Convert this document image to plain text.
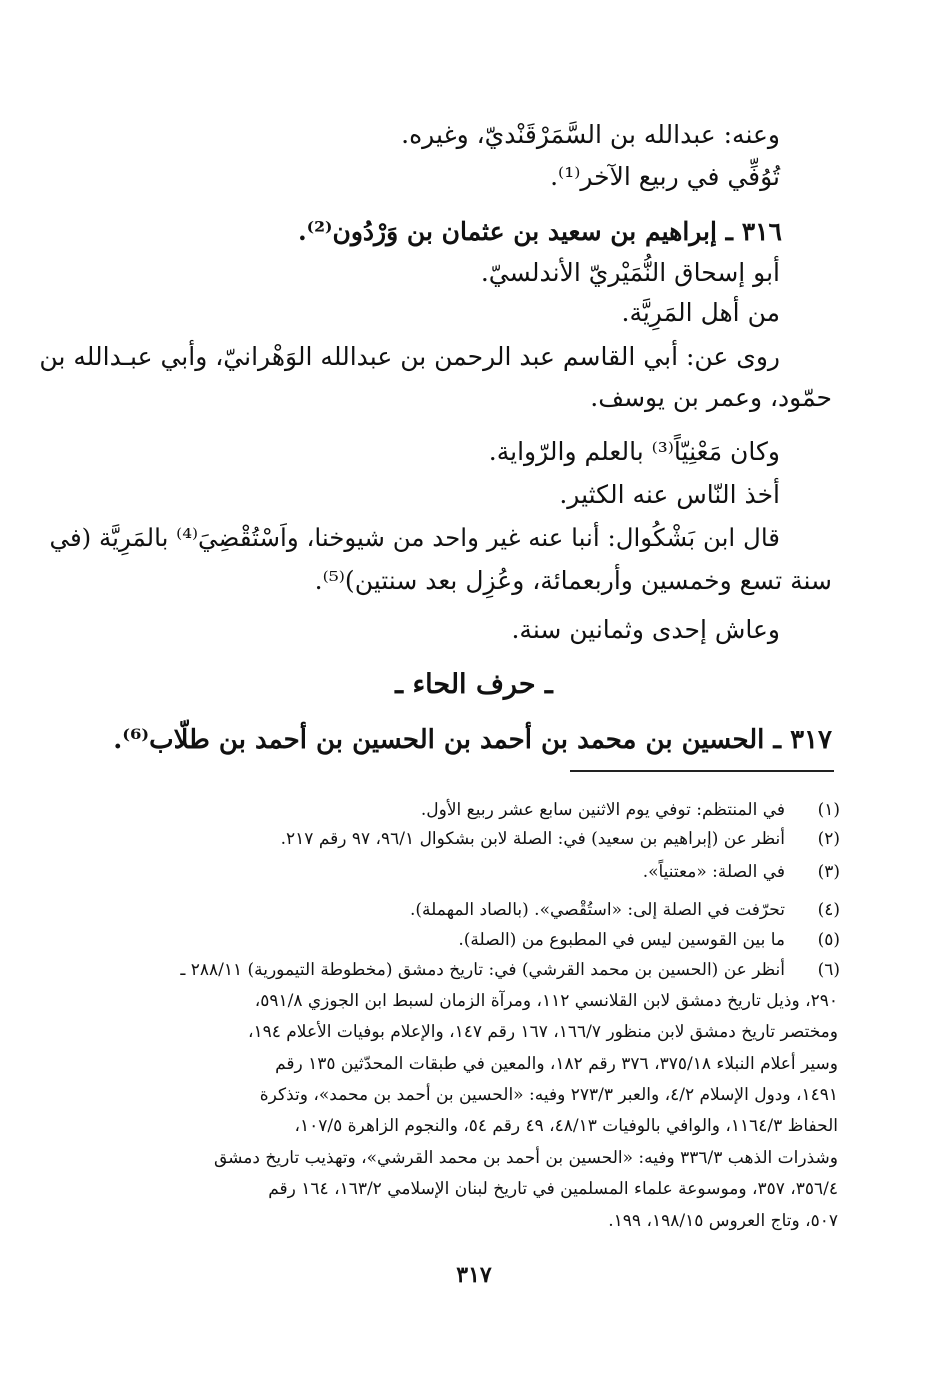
وعنه: عبدالله بن السَّمَرْقَنْديّ، وغيره.
تُوُفِّي في ربيع الآخر⁽¹⁾.
٣١٦ ـ إبراهيم بن سعيد بن عثمان بن وَرْدُون⁽²⁾.
أبو إسحاق النُّمَيْريّ الأندلسيّ.
من أهل المَرِيَّة.
روى عن: أبي القاسم عبد الرحمن بن عبدالله الوَهْرانيّ، وأبي عبـدالله بن
حمّود، وعمر بن يوسف.
وكان مَعْنِيّاً⁽³⁾ بالعلم والرّواية.
أخذ النّاس عنه الكثير.
قال ابن بَشْكُوال: أنبا عنه غير واحد من شيوخنا، واَسْتُقْضِيَ⁽⁴⁾ بالمَرِيَّة (في
سنة تسع وخمسين وأربعمائة، وعُزِل بعد سنتين)⁽⁵⁾.
وعاش إحدى وثمانين سنة.
ـ حرف الحاء ـ
٣١٧ ـ الحسين بن محمد بن أحمد بن الحسين بن أحمد بن طلّاب⁽⁶⁾.
(١)
في المنتظم: توفي يوم الاثنين سابع عشر ربيع الأول.
(٢)
أنظر عن (إبراهيم بن سعيد) في: الصلة لابن بشكوال ٩٦/١، ٩٧ رقم ٢١٧.
(٣)
في الصلة: «معتنياً».
(٤)
تحرّفت في الصلة إلى: «استُقْصي». (بالصاد المهملة).
(٥)
ما بين القوسين ليس في المطبوع من (الصلة).
(٦)
أنظر عن (الحسين بن محمد القرشي) في: تاريخ دمشق (مخطوطة التيمورية) ٢٨٨/١١ ـ
٢٩٠، وذيل تاريخ دمشق لابن القلانسي ١١٢، ومرآة الزمان لسبط ابن الجوزي ٥٩١/٨،
ومختصر تاريخ دمشق لابن منظور ١٦٦/٧، ١٦٧ رقم ١٤٧، والإعلام بوفيات الأعلام ١٩٤،
وسير أعلام النبلاء ٣٧٥/١٨، ٣٧٦ رقم ١٨٢، والمعين في طبقات المحدّثين ١٣٥ رقم
١٤٩١، ودول الإسلام ٤/٢، والعبر ٢٧٣/٣ وفيه: «الحسين بن أحمد بن محمد»، وتذكرة
الحفاظ ١١٦٤/٣، والوافي بالوفيات ٤٨/١٣، ٤٩ رقم ٥٤، والنجوم الزاهرة ١٠٧/٥،
وشذرات الذهب ٣٣٦/٣ وفيه: «الحسين بن أحمد بن محمد القرشي»، وتهذيب تاريخ دمشق
٣٥٦/٤، ٣٥٧، وموسوعة علماء المسلمين في تاريخ لبنان الإسلامي ١٦٣/٢، ١٦٤ رقم
٥٠٧، وتاج العروس ١٩٨/١٥، ١٩٩.
٣١٧
